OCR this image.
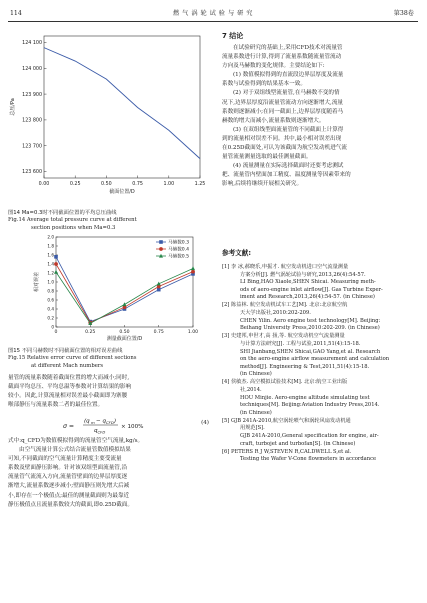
114	燃 气 涡 轮 试 验 与 研 究	第38卷
123 600
123 700
123 800
123 900
124 000
124 100
0.00	0.25	0.50	0.75	1.00	1.25
截面位置/D
总压/Pa
图14 Ma=0.3时不同截面位置的平均总压曲线
Fig.14 Average total pressure curve at different
section positions when Ma=0.3
0
0.2
0.4
0.6
0.8
1.0
1.2
1.4
1.6
1.8
2.0
0	0.25	0.50	0.75	1.00
马赫数0.3
马赫数0.4
马赫数0.5
测量截面位置/D
相对误差
图15 不同马赫数时不同截面位置的相对误差曲线
Fig.15 Relative error curve of different sections
at different Mach numbers

量管的流量系数随着截面位置的增大而减小;同时,

截面平均总压、平均总温等参数对计算结果的影响

较小。因此,计算流量相对误差最小截面即为寨腰

喉部静压与流量系数二者的最佳位置。

σ =
(q m − q CFD )
q CFD
× 100%
(4)

式中:q_CFD为数值模拟得到的流量管空气流量,kg/s。

由空气流量计算公式结合流量管数值模拟结果

可知,不同截面的空气流量计算精度主要受流量

系数及壁面静压影响。针对该双组型面流量管,沿

流量管气流流入方向,流量管壁面的边界层厚度逐

渐增大,流量系数逐步减小;壁面静压则先增大后减

小,即存在一个极值点;最佳的测量截面则为最靠近

静压极值点且流量系数较大的截面,即0.25D截面。

7 结论

在试验研究的基础上,采用CFD技术对流量管

流量系数进行计算,得到了流量系数随流量管流动

方向及马赫数的变化规律。主要结论如下:

(1) 数值模拟得到的直流段边界层厚度及流量

系数与试验得到的结果基本一致。

(2) 对于双组线型流量管,在马赫数不变的情

况下,边界层厚度沿流量管流动方向逐渐增大,流量

系数则逐渐减小;在同一截面上,边界层厚度随着马

赫数的增大而减小,流量系数则逐渐增大。

(3) 在双组线型面流量管的不同截面上计算得

到的流量相对误差不同。其中,最小相对误差出现

在0.25D截面处,可认为该截面为航空发动机进气流

量管流量测量选取的最佳测量截面。

(4) 流量测量在实际选择截面时还要考虑测试

耙、流量管内壁面加工精度、温度测量等因素带来的

影响,后续将继续开展相关研究。

参考文献:

[1] 李 冰,郝晓乐,申振才. 航空发动机进口空气流量测量
方案分析[J]. 燃气涡轮试验与研究,2013,26(4):54-57.
LI Bing,HAO Xiaole,SHEN Shicai. Measuring meth-
ods of aero-engine inlet airflow[J]. Gas Turbine Exper-
iment and Research,2013,26(4):54-57. (in Chinese)

[2] 陈益林. 航空发动机试车工艺[M]. 北京:北京航空航
天大学出版社,2010:202-209.
CHEN Yilin. Aero engine test technology[M]. Beijing:
Beihang University Press,2010:202-209. (in Chinese)

[3] 史建邦,申世才,高 扬,等. 航空发动机空气流量测量
与计算方法研究[J]. 工程与试验,2011,51(4):15-18.
SHI Jianbang,SHEN Shicai,GAO Yang,et al. Research
on the aero-engine airflow measurement and calculation
method[J]. Engineering & Test,2011,51(4):15-18.
(in Chinese)

[4] 侯敏杰. 高空模拟试验技术[M]. 北京:航空工业出版
社,2014.
HOU Minjie. Aero-engine altitude simulating test
techniques[M]. Beijing:Aviation Industry Press,2014.
(in Chinese)

[5] GJB 241A-2010,航空涡轮喷气和涡轮风扇发动机通
用规范[S].
GJB 241A-2010,General specification for engine, air-
craft, turbojet and turbofan[S]. (in Chinese)

[6] PETERS R J W,STEVEN R,CALDWELL S,et al.
Testing the Wafer V-Cone flowmeters in accordance
